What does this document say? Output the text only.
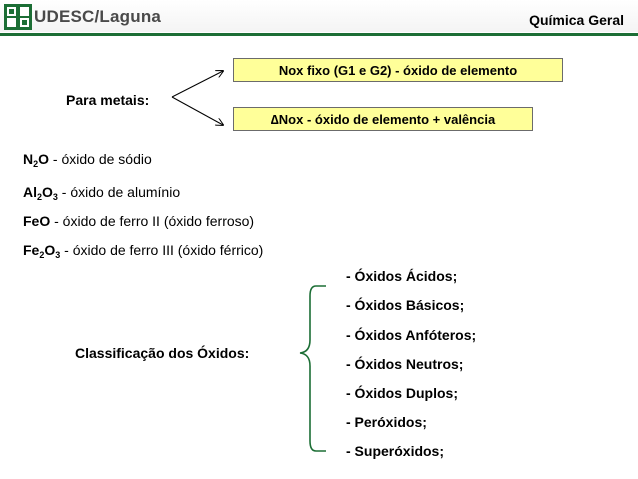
UDESC/Laguna	Química Geral
Nox fixo (G1 e G2) - óxido de elemento
∆ Nox - óxido de elemento + valência
Para metais:
$N_2O$ - óxido de sódio
$Al_2O_3$ - óxido de alumínio
FeO - óxido de ferro II (óxido ferroso)
$Fe_2O_3$ - óxido de ferro III (óxido férrico)
Classificação dos Óxidos:
- Óxidos Ácidos;
- Óxidos Básicos;
- Óxidos Anfóteros;
- Óxidos Neutros;
- Óxidos Duplos;
- Peróxidos;
- Superóxidos;
